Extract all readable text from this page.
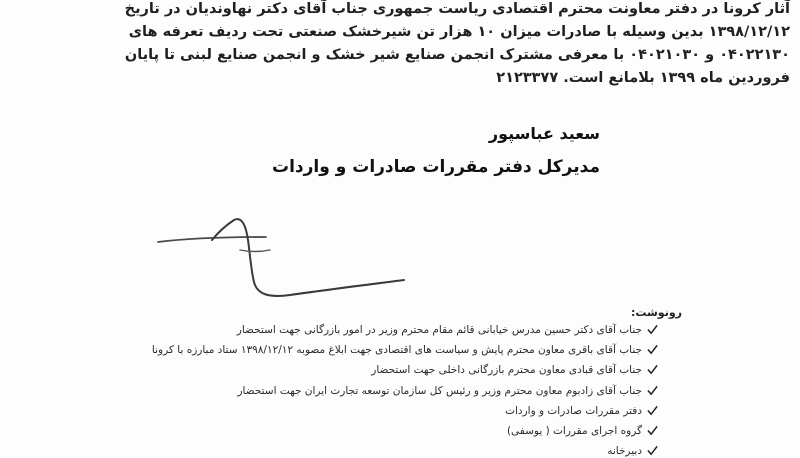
آثار کرونا در دفتر معاونت محترم اقتصادی ریاست جمهوری جناب آقای دکتر نهاوندیان در تاریخ
۱۳۹۸/۱۲/۱۲ بدین وسیله با صادرات میزان ۱۰ هزار تن شیرخشک صنعتی تحت ردیف تعرفه های
۰۴۰۲۲۱۳۰ و ۰۴۰۲۱۰۳۰ با معرفی مشترک انجمن صنایع شیر خشک و انجمن صنایع لبنی تا پایان
فروردین ماه ۱۳۹۹ بلامانع است. ۲۱۲۳۳۷۷
سعید عباسپور
مدیرکل دفتر مقررات صادرات و واردات
رونوشت:
جناب آقای دکتر حسین مدرس خیابانی قائم مقام محترم وزیر در امور بازرگانی جهت استحضار
جناب آقای باقری معاون محترم پایش و سیاست های اقتصادی جهت ابلاغ مصوبه ۱۳۹۸/۱۲/۱۲ ستاد مبارزه با کرونا
جناب آقای قبادی معاون محترم بازرگانی داخلی جهت استحضار
جناب آقای زادبوم معاون محترم وزیر و رئیس کل سازمان توسعه تجارت ایران جهت استحضار
دفتر مقررات صادرات و واردات
گروه اجرای مقررات ( یوسفی)
دبیرخانه
